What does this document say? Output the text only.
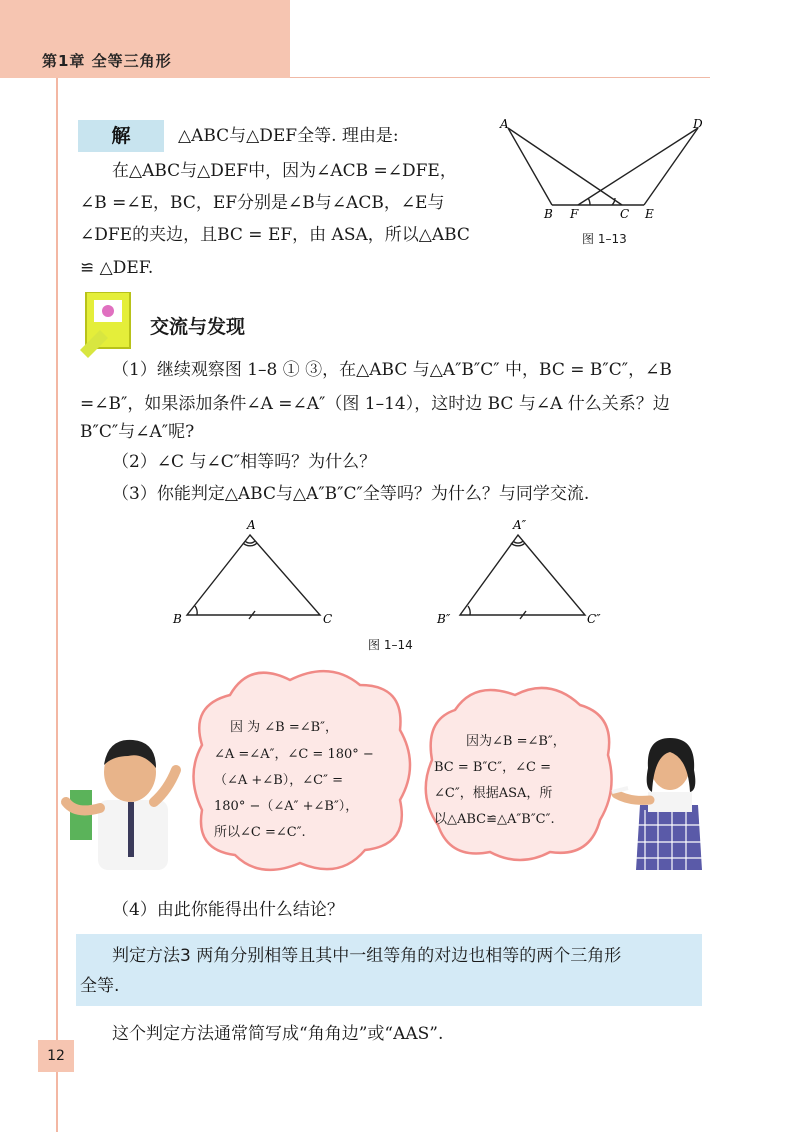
第1章 全等三角形
解	△ABC与△DEF全等. 理由是:
在△ABC与△DEF中，因为∠ACB =∠DFE，
∠B =∠E，BC，EF分别是∠B与∠ACB，∠E与
∠DFE的夹边，且BC = EF，由 ASA，所以△ABC
≌ △DEF.
A	D
B F	C E
图 1–13
交流与发现
（1）继续观察图 1–8 ① ③，在△ABC 与△A″B″C″ 中，BC = B″C″，∠B
=∠B″，如果添加条件∠A =∠A″（图 1–14），这时边 BC 与∠A 什么关系？边
B″C″与∠A″呢?
（2）∠C 与∠C″相等吗？为什么？
（3）你能判定△ABC与△A″B″C″全等吗？为什么？与同学交流.
A
B	C
A″
B″	C″
图 1–14
因 为 ∠B =∠B″，
∠A =∠A″，∠C = 180° −
（∠A +∠B），∠C″ =
180° −（∠A″ +∠B″），
所以∠C =∠C″.
因为∠B =∠B″，
BC = B″C″，∠C =
∠C″，根据ASA，所
以△ABC≌△A″B″C″.
（4）由此你能得出什么结论？
判定方法3 两角分别相等且其中一组等角的对边也相等的两个三角形
全等.
这个判定方法通常简写成“角角边”或“AAS”.
12
